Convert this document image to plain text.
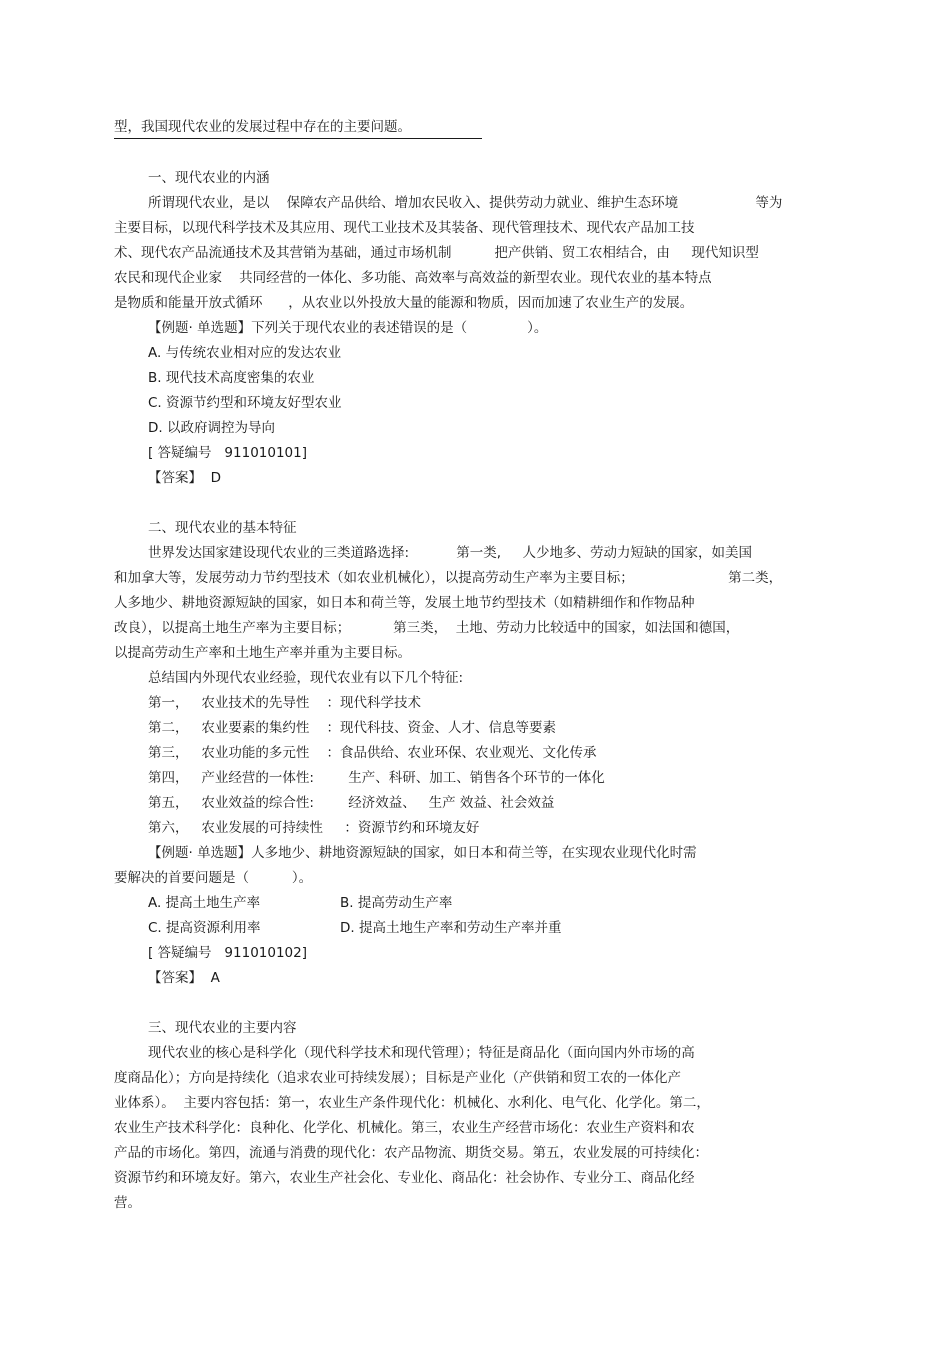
型，我国现代农业的发展过程中存在的主要问题。
一、现代农业的内涵
所谓现代农业，是以    保障农产品供给、增加农民收入、提供劳动力就业、维护生态环境                  等为
主要目标，以现代科学技术及其应用、现代工业技术及其装备、现代管理技术、现代农产品加工技
术、现代农产品流通技术及其营销为基础，通过市场机制          把产供销、贸工农相结合，由     现代知识型
农民和现代企业家    共同经营的一体化、多功能、高效率与高效益的新型农业。现代农业的基本特点
是物质和能量开放式循环      ，从农业以外投放大量的能源和物质，因而加速了农业生产的发展。
【例题· 单选题】下列关于现代农业的表述错误的是（              ）。
A. 与传统农业相对应的发达农业
B. 现代技术高度密集的农业
C. 资源节约型和环境友好型农业
D. 以政府调控为导向
[ 答疑编号   911010101]
【答案】  D
二、现代农业的基本特征
世界发达国家建设现代农业的三类道路选择:           第一类,     人少地多、劳动力短缺的国家，如美国
和加拿大等，发展劳动力节约型技术（如农业机械化），以提高劳动生产率为主要目标；                      第二类，
人多地少、耕地资源短缺的国家，如日本和荷兰等，发展土地节约型技术（如精耕细作和作物品种
改良），以提高土地生产率为主要目标；          第三类，  土地、劳动力比较适中的国家，如法国和德国，
以提高劳动生产率和土地生产率并重为主要目标。
总结国内外现代农业经验，现代农业有以下几个特征:
第一，   农业技术的先导性    ：现代科学技术
第二，   农业要素的集约性    ：现代科技、资金、人才、信息等要素
第三，   农业功能的多元性    ：食品供给、农业环保、农业观光、文化传承
第四，   产业经营的一体性:        生产、科研、加工、销售各个环节的一体化
第五，   农业效益的综合性:        经济效益、   生产 效益、社会效益
第六，   农业发展的可持续性     ：资源节约和环境友好
【例题· 单选题】人多地少、耕地资源短缺的国家，如日本和荷兰等，在实现农业现代化时需
要解决的首要问题是（          ）。
A. 提高土地生产率	B. 提高劳动生产率
C. 提高资源利用率	D. 提高土地生产率和劳动生产率并重
[ 答疑编号   911010102]
【答案】  A
三、现代农业的主要内容
现代农业的核心是科学化（现代科学技术和现代管理）；特征是商品化（面向国内外市场的高
度商品化）；方向是持续化（追求农业可持续发展）；目标是产业化（产供销和贸工农的一体化产
业体系）。  主要内容包括：第一，农业生产条件现代化：机械化、水利化、电气化、化学化。第二，
农业生产技术科学化：良种化、化学化、机械化。第三，农业生产经营市场化：农业生产资料和农
产品的市场化。第四，流通与消费的现代化：农产品物流、期货交易。第五，农业发展的可持续化：
资源节约和环境友好。第六，农业生产社会化、专业化、商品化：社会协作、专业分工、商品化经
营。
